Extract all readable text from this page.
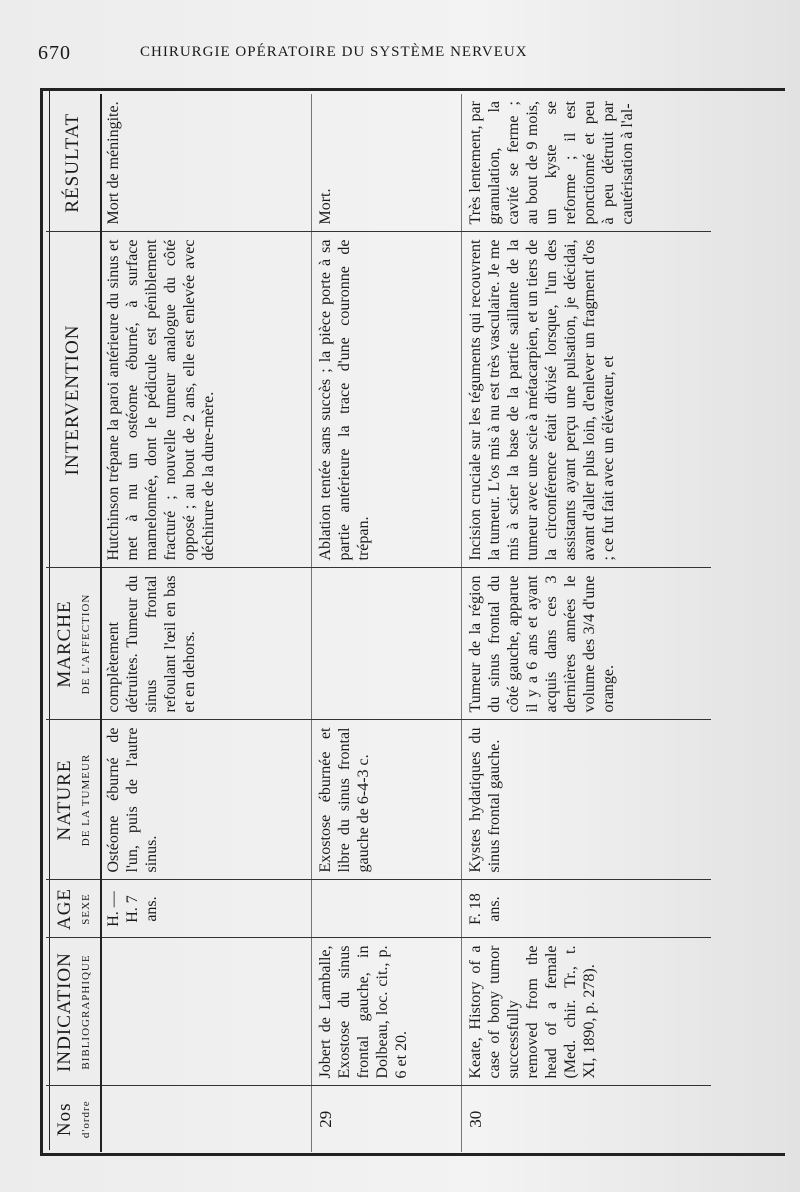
670	CHIRURGIE OPÉRATOIRE DU SYSTÈME NERVEUX
Nos d'ordre	INDICATION BIBLIOGRAPHIQUE	AGE SEXE	NATURE DE LA TUMEUR	MARCHE DE L'AFFECTION	INTERVENTION	RÉSULTAT

		H. — H. 7 ans.	Ostéome éburné de l'un, puis de l'autre sinus.	complètement détruites. Tumeur du sinus frontal refoulant l'œil en bas et en dehors.	Hutchinson trépane la paroi antérieure du sinus et met à nu un ostéome éburné, à surface mamelonnée, dont le pédicule est péniblement fracturé ; nouvelle tumeur analogue du côté opposé ; au bout de 2 ans, elle est enlevée avec déchirure de la dure-mère.	Mort de méningite.
29	Jobert de Lamballe, Exostose du sinus frontal gauche, in Dolbeau, loc. cit., p. 6 et 20.		Exostose éburnée et libre du sinus frontal gauche de 6-4-3 c.		Ablation tentée sans succès ; la pièce porte à sa partie antérieure la trace d'une couronne de trépan.	Mort.
30	Keate, History of a case of bony tumor successfully removed from the head of a female (Med. chir. Tr., t. XI, 1890, p. 278).	F. 18 ans.	Kystes hydatiques du sinus frontal gauche.	Tumeur de la région du sinus frontal du côté gauche, apparue il y a 6 ans et ayant acquis dans ces 3 dernières années le volume des 3/4 d'une orange.	Incision cruciale sur les téguments qui recouvrent la tumeur. L'os mis à nu est très vasculaire. Je me mis à scier la base de la partie saillante de la tumeur avec une scie à métacarpien, et un tiers de la circonférence était divisé lorsque, l'un des assistants ayant perçu une pulsation, je décidai, avant d'aller plus loin, d'enlever un fragment d'os ; ce fut fait avec un élévateur, et	Très lentement, par granulation, la cavité se ferme ; au bout de 9 mois, un kyste se reforme ; il est ponctionné et peu à peu détruit par cautérisation à l'al-
